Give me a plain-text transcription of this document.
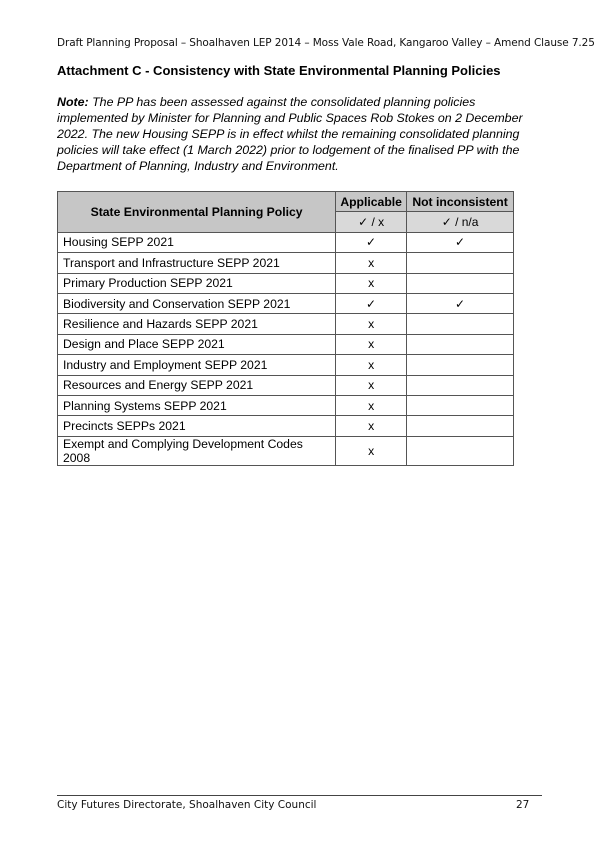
Draft Planning Proposal – Shoalhaven LEP 2014 – Moss Vale Road, Kangaroo Valley – Amend Clause 7.25
Attachment C - Consistency with State Environmental Planning Policies
Note: The PP has been assessed against the consolidated planning policies implemented by Minister for Planning and Public Spaces Rob Stokes on 2 December 2022. The new Housing SEPP is in effect whilst the remaining consolidated planning policies will take effect (1 March 2022) prior to lodgement of the finalised PP with the Department of Planning, Industry and Environment.
State Environmental Planning Policy	Applicable	Not inconsistent
	✓ / x	✓ / n/a
Housing SEPP 2021	✓	✓
Transport and Infrastructure SEPP 2021	x	
Primary Production SEPP 2021	x	
Biodiversity and Conservation SEPP 2021	✓	✓
Resilience and Hazards SEPP 2021	x	
Design and Place SEPP 2021	x	
Industry and Employment SEPP 2021	x	
Resources and Energy SEPP 2021	x	
Planning Systems SEPP 2021	x	
Precincts SEPPs 2021	x	
Exempt and Complying Development Codes 2008	x	
City Futures Directorate, Shoalhaven City Council	27
